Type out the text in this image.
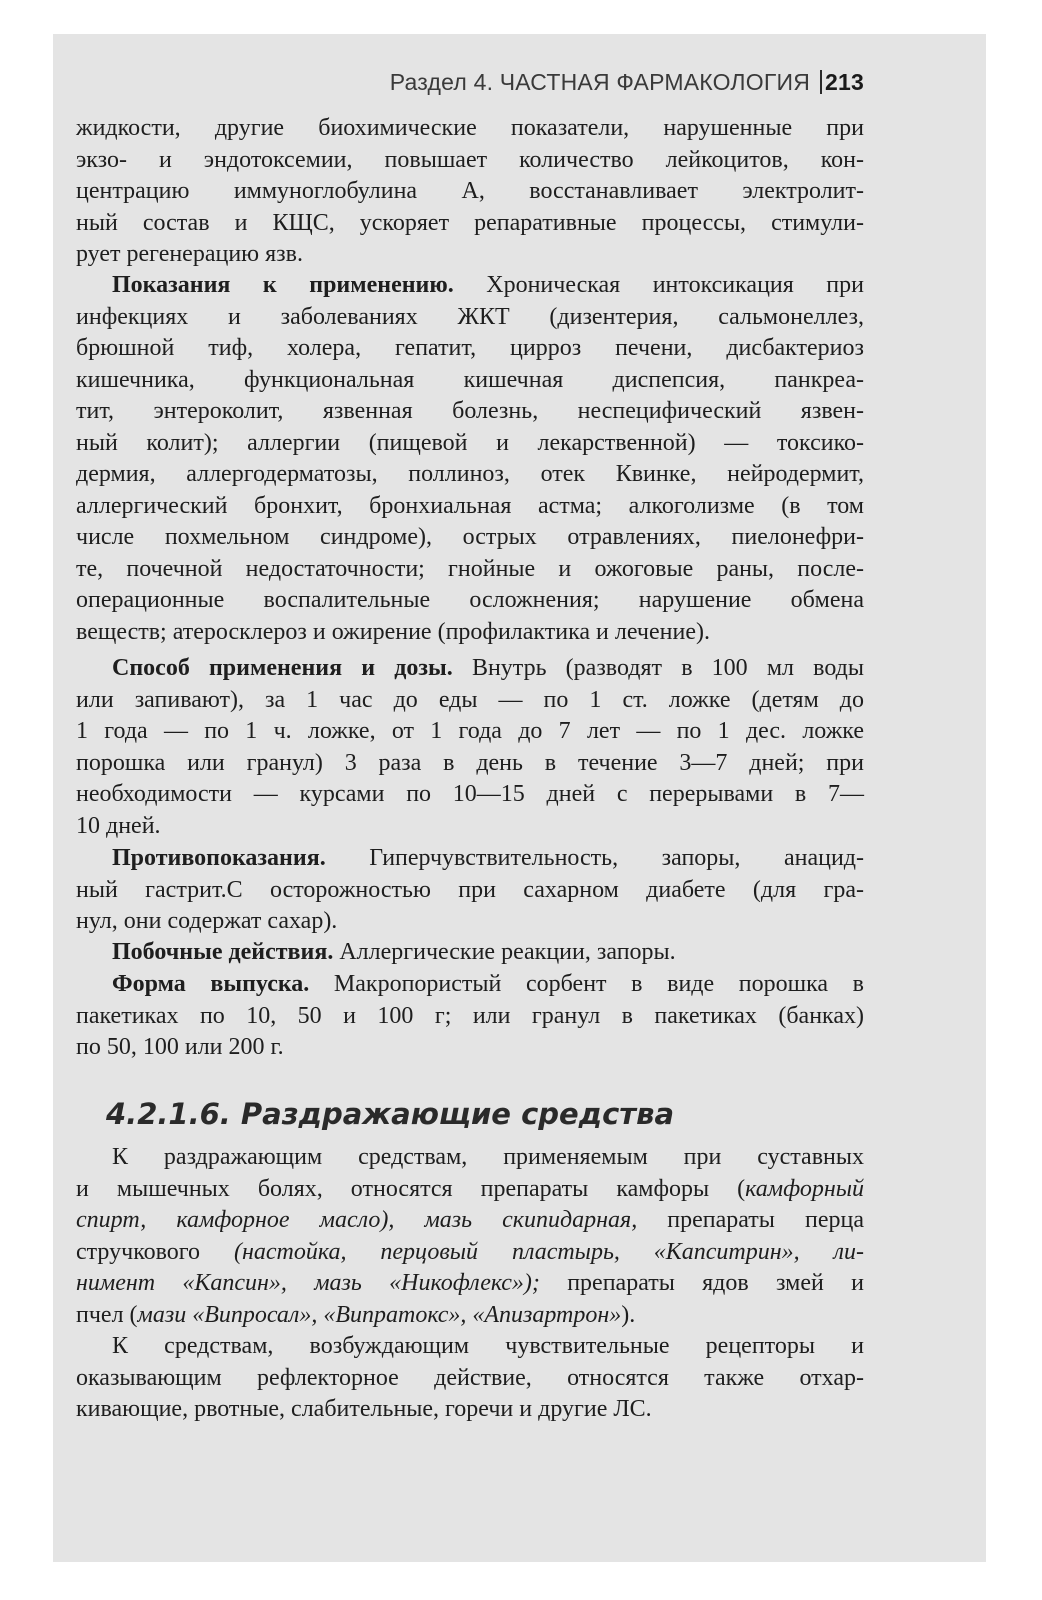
Раздел 4. ЧАСТНАЯ ФАРМАКОЛОГИЯ 213
жидкости, другие биохимические показатели, нарушенные при
экзо- и эндотоксемии, повышает количество лейкоцитов, кон-
центрацию иммуноглобулина А, восстанавливает электролит-
ный состав и КЩС, ускоряет репаративные процессы, стимули-
рует регенерацию язв.
Показания к применению. Хроническая интоксикация при
инфекциях и заболеваниях ЖКТ (дизентерия, сальмонеллез,
брюшной тиф, холера, гепатит, цирроз печени, дисбактериоз
кишечника, функциональная кишечная диспепсия, панкреа-
тит, энтероколит, язвенная болезнь, неспецифический язвен-
ный колит); аллергии (пищевой и лекарственной) — токсико-
дермия, аллергодерматозы, поллиноз, отек Квинке, нейродермит,
аллергический бронхит, бронхиальная астма; алкоголизме (в том
числе похмельном синдроме), острых отравлениях, пиелонефри-
те, почечной недостаточности; гнойные и ожоговые раны, после-
операционные воспалительные осложнения; нарушение обмена
веществ; атеросклероз и ожирение (профилактика и лечение).
Способ применения и дозы. Внутрь (разводят в 100 мл воды
или запивают), за 1 час до еды — по 1 ст. ложке (детям до
1 года — по 1 ч. ложке, от 1 года до 7 лет — по 1 дес. ложке
порошка или гранул) 3 раза в день в течение 3—7 дней; при
необходимости — курсами по 10—15 дней с перерывами в 7—
10 дней.
Противопоказания. Гиперчувствительность, запоры, анацид-
ный гастрит.С осторожностью при сахарном диабете (для гра-
нул, они содержат сахар).
Побочные действия. Аллергические реакции, запоры.
Форма выпуска. Макропористый сорбент в виде порошка в
пакетиках по 10, 50 и 100 г; или гранул в пакетиках (банках)
по 50, 100 или 200 г.
4.2.1.6. Раздражающие средства
К раздражающим средствам, применяемым при суставных
и мышечных болях, относятся препараты камфоры (камфорный
спирт, камфорное масло), мазь скипидарная, препараты перца
стручкового (настойка, перцовый пластырь, «Капситрин», ли-
нимент «Капсин», мазь «Никофлекс»); препараты ядов змей и
пчел (мази «Випросал», «Випратокс», «Апизартрон»).
К средствам, возбуждающим чувствительные рецепторы и
оказывающим рефлекторное действие, относятся также отхар-
кивающие, рвотные, слабительные, горечи и другие ЛС.
